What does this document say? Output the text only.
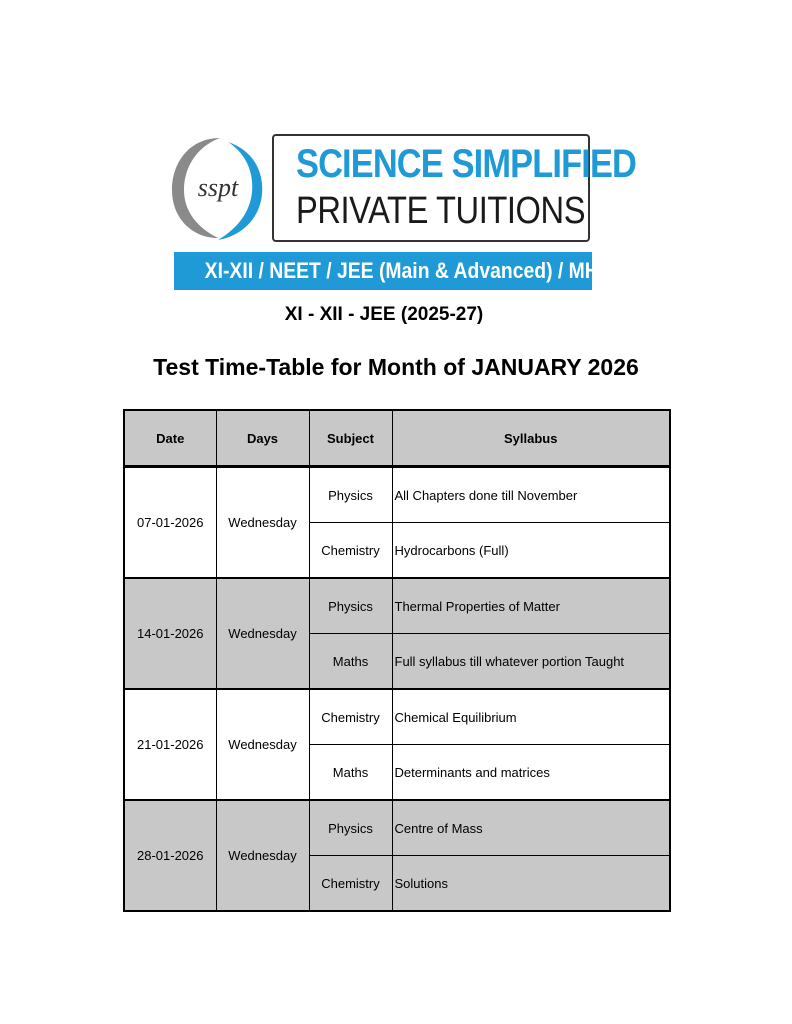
sspt
SCIENCE SIMPLIFIED
PRIVATE TUITIONS
XI-XII / NEET / JEE (Main & Advanced) / MHT-CET
XI - XII - JEE (2025-27)
Test Time-Table for Month of JANUARY 2026
Date	Days	Subject	Syllabus
07-01-2026	Wednesday	Physics	All Chapters done till November
		Chemistry	Hydrocarbons (Full)
14-01-2026	Wednesday	Physics	Thermal Properties of Matter
		Maths	Full syllabus till whatever portion Taught
21-01-2026	Wednesday	Chemistry	Chemical Equilibrium
		Maths	Determinants and matrices
28-01-2026	Wednesday	Physics	Centre of Mass
		Chemistry	Solutions
